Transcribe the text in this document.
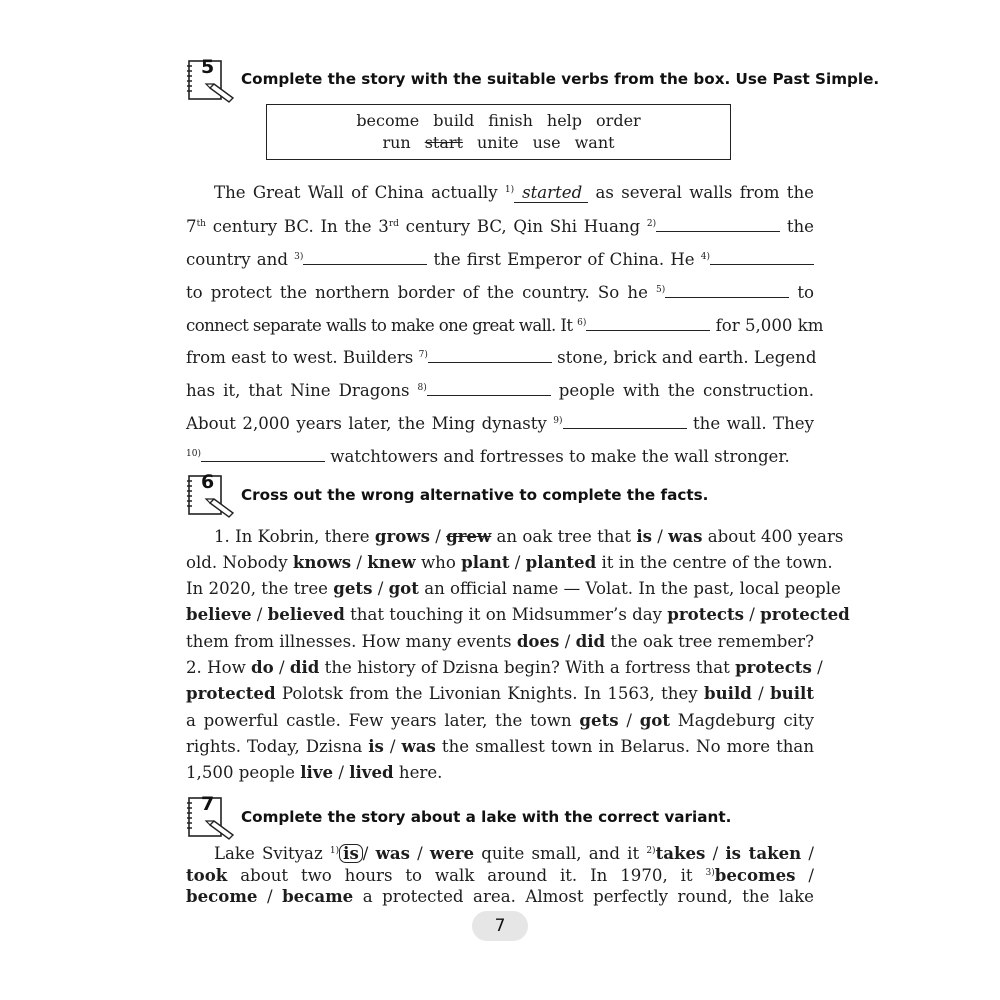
5
Complete the story with the suitable verbs from the box. Use Past Simple.
become build finish help order
run start unite use want
The Great Wall of China actually $^{1)}$ started as several walls from the
7th century BC. In the 3rd century BC, Qin Shi Huang $^{2)}$	the
country and $^{3)}$	the first Emperor of China. He $^{4)}$
to protect the northern border of the country. So he $^{5)}$	to
connect separate walls to make one great wall. It $^{6)}$	for 5,000 km
from east to west. Builders $^{7)}$	stone, brick and earth. Legend
has it, that Nine Dragons $^{8)}$	people with the construction.
About 2,000 years later, the Ming dynasty $^{9)}$	the wall. They
$^{10)}$	watchtowers and fortresses to make the wall stronger.
6
Cross out the wrong alternative to complete the facts.
1. In Kobrin, there grows / grew an oak tree that is / was about 400 years
old. Nobody knows / knew who plant / planted it in the centre of the town.
In 2020, the tree gets / got an official name — Volat. In the past, local people
believe / believed that touching it on Midsummer’s day protects / protected
them from illnesses. How many events does / did the oak tree remember?
2. How do / did the history of Dzisna begin? With a fortress that protects /
protected Polotsk from the Livonian Knights. In 1563, they build / built
a powerful castle. Few years later, the town gets / got Magdeburg city
rights. Today, Dzisna is / was the smallest town in Belarus. No more than
1,500 people live / lived here.
7
Complete the story about a lake with the correct variant.
Lake Svityaz $^{1)}$ is / was / were quite small, and it $^{2)}$takes / is taken /
took about two hours to walk around it. In 1970, it $^{3)}$becomes /
become / became a protected area. Almost perfectly round, the lake
7
